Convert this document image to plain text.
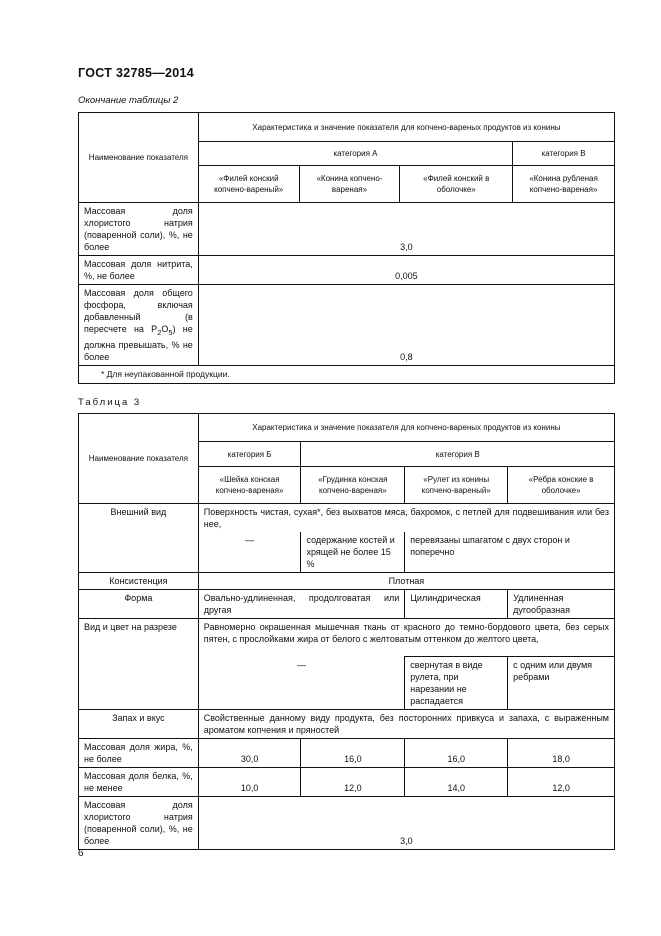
ГОСТ 32785—2014
Окончание таблицы 2
Наименование показателя	Характеристика и значение показателя для копчено-вареных продуктов из конины			
	категория А			категория В
	«Филей конский копчено-вареный»	«Конина копчено-вареная»	«Филей конский в оболочке»	«Конина рубленая копчено-вареная»
Массовая доля хлористого натрия (поваренной соли), %, не более	3,0			
Массовая доля нитрита, %, не более	0,005			
Массовая доля общего фосфора, включая добавленный (в пересчете на $P_2O_5$) не должна превышать, % не более	0,8			
* Для неупакованной продукции.				
Таблица 3
Наименование показателя	Характеристика и значение показателя для копчено-вареных продуктов из конины			
	категория Б	категория В		
	«Шейка конская копчено-вареная»	«Грудинка конская копчено-вареная»	«Рулет из конины копчено-вареный»	«Ребра конские в оболочке»
Внешний вид	Поверхность чистая, сухая*, без выхватов мяса, бахромок, с петлей для подвешивания или без нее,			
	—	содержание костей и хрящей не более 15 %	перевязаны шпагатом с двух сторон и поперечно	
Консистенция	Плотная			
Форма	Овально-удлиненная, продолговатая или другая		Цилиндрическая	Удлиненная дугообразная
Вид и цвет на разрезе	Равномерно окрашенная мышечная ткань от красного до темно-бордового цвета, без серых пятен, с прослойками жира от белого с желтоватым оттенком до желтого цвета,			
	—		свернутая в виде рулета, при нарезании не распадается	с одним или двумя ребрами
Запах и вкус	Свойственные данному виду продукта, без посторонних привкуса и запаха, с выраженным ароматом копчения и пряностей			
Массовая доля жира, %, не более	30,0	16,0	16,0	18,0
Массовая доля белка, %, не менее	10,0	12,0	14,0	12,0
Массовая доля хлористого натрия (поваренной соли), %, не более	3,0			
6
